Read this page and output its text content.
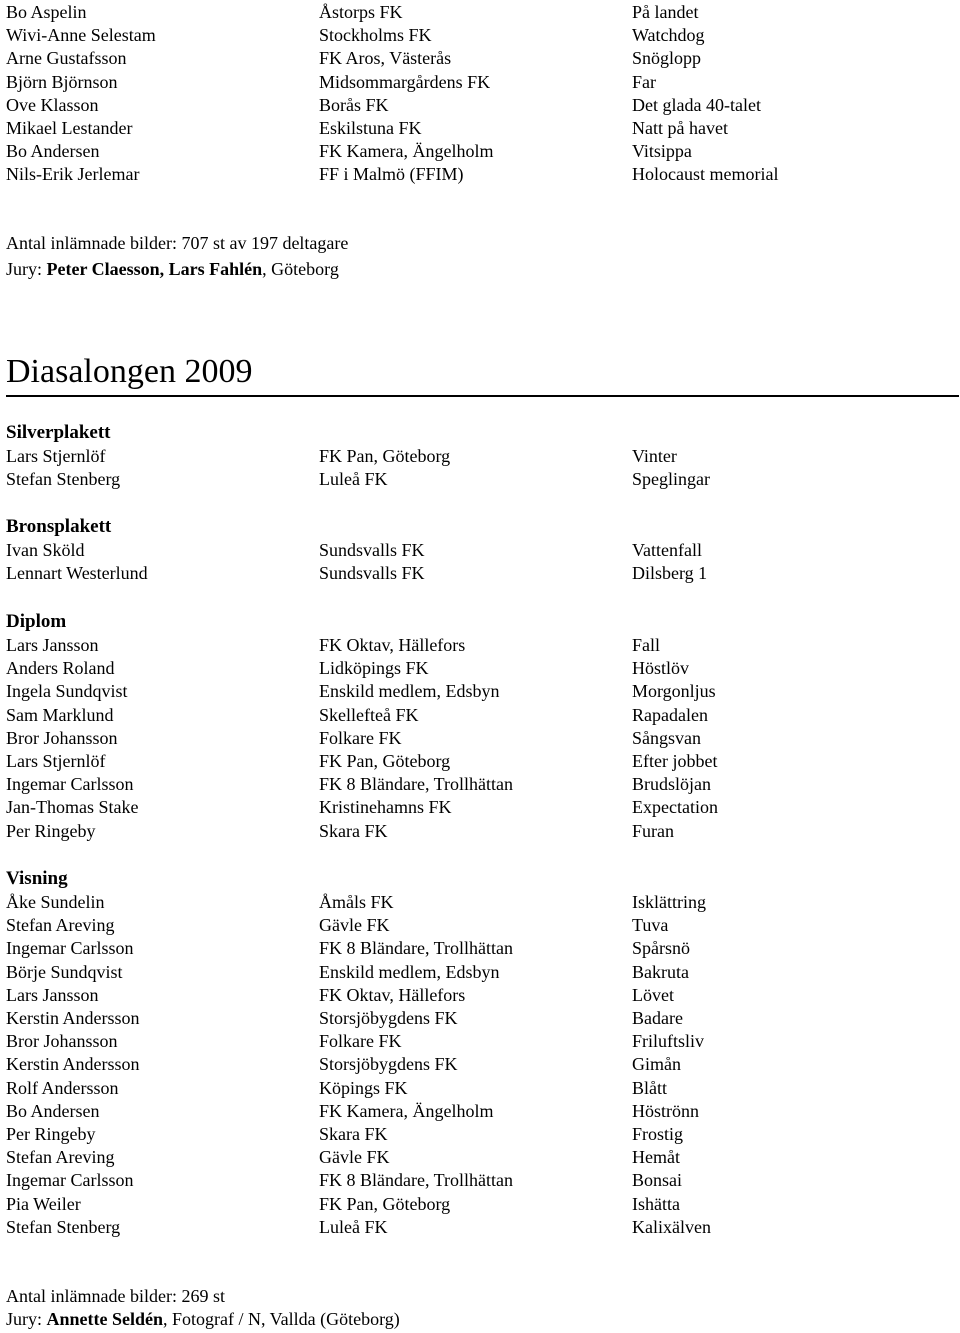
Bo Aspelin	Åstorps FK	På landet
Wivi-Anne Selestam	Stockholms FK	Watchdog
Arne Gustafsson	FK Aros, Västerås	Snöglopp
Björn Björnson	Midsommargårdens FK	Far
Ove Klasson	Borås FK	Det glada 40-talet
Mikael Lestander	Eskilstuna FK	Natt på havet
Bo Andersen	FK Kamera, Ängelholm	Vitsippa
Nils-Erik Jerlemar	FF i Malmö (FFIM)	Holocaust memorial
Silverplakett
Lars Stjernlöf	FK Pan, Göteborg	Vinter
Stefan Stenberg	Luleå FK	Speglingar
Bronsplakett
Ivan Sköld	Sundsvalls FK	Vattenfall
Lennart Westerlund	Sundsvalls FK	Dilsberg 1
Diplom
Lars Jansson	FK Oktav, Hällefors	Fall
Anders Roland	Lidköpings FK	Höstlöv
Ingela Sundqvist	Enskild medlem, Edsbyn	Morgonljus
Sam Marklund	Skellefteå FK	Rapadalen
Bror Johansson	Folkare FK	Sångsvan
Lars Stjernlöf	FK Pan, Göteborg	Efter jobbet
Ingemar Carlsson	FK 8 Bländare, Trollhättan	Brudslöjan
Jan-Thomas Stake	Kristinehamns FK	Expectation
Per Ringeby	Skara FK	Furan
Visning
Åke Sundelin	Åmåls FK	Isklättring
Stefan Areving	Gävle FK	Tuva
Ingemar Carlsson	FK 8 Bländare, Trollhättan	Spårsnö
Börje Sundqvist	Enskild medlem, Edsbyn	Bakruta
Lars Jansson	FK Oktav, Hällefors	Lövet
Kerstin Andersson	Storsjöbygdens FK	Badare
Bror Johansson	Folkare FK	Friluftsliv
Kerstin Andersson	Storsjöbygdens FK	Gimån
Rolf Andersson	Köpings FK	Blått
Bo Andersen	FK Kamera, Ängelholm	Höströnn
Per Ringeby	Skara FK	Frostig
Stefan Areving	Gävle FK	Hemåt
Ingemar Carlsson	FK 8 Bländare, Trollhättan	Bonsai
Pia Weiler	FK Pan, Göteborg	Ishätta
Stefan Stenberg	Luleå FK	Kalixälven
Antal inlämnade bilder: 707 st av 197 deltagare
Jury: Peter Claesson, Lars Fahlén, Göteborg
Diasalongen 2009
Antal inlämnade bilder: 269 st
Jury: Annette Seldén, Fotograf / N, Vallda (Göteborg)
